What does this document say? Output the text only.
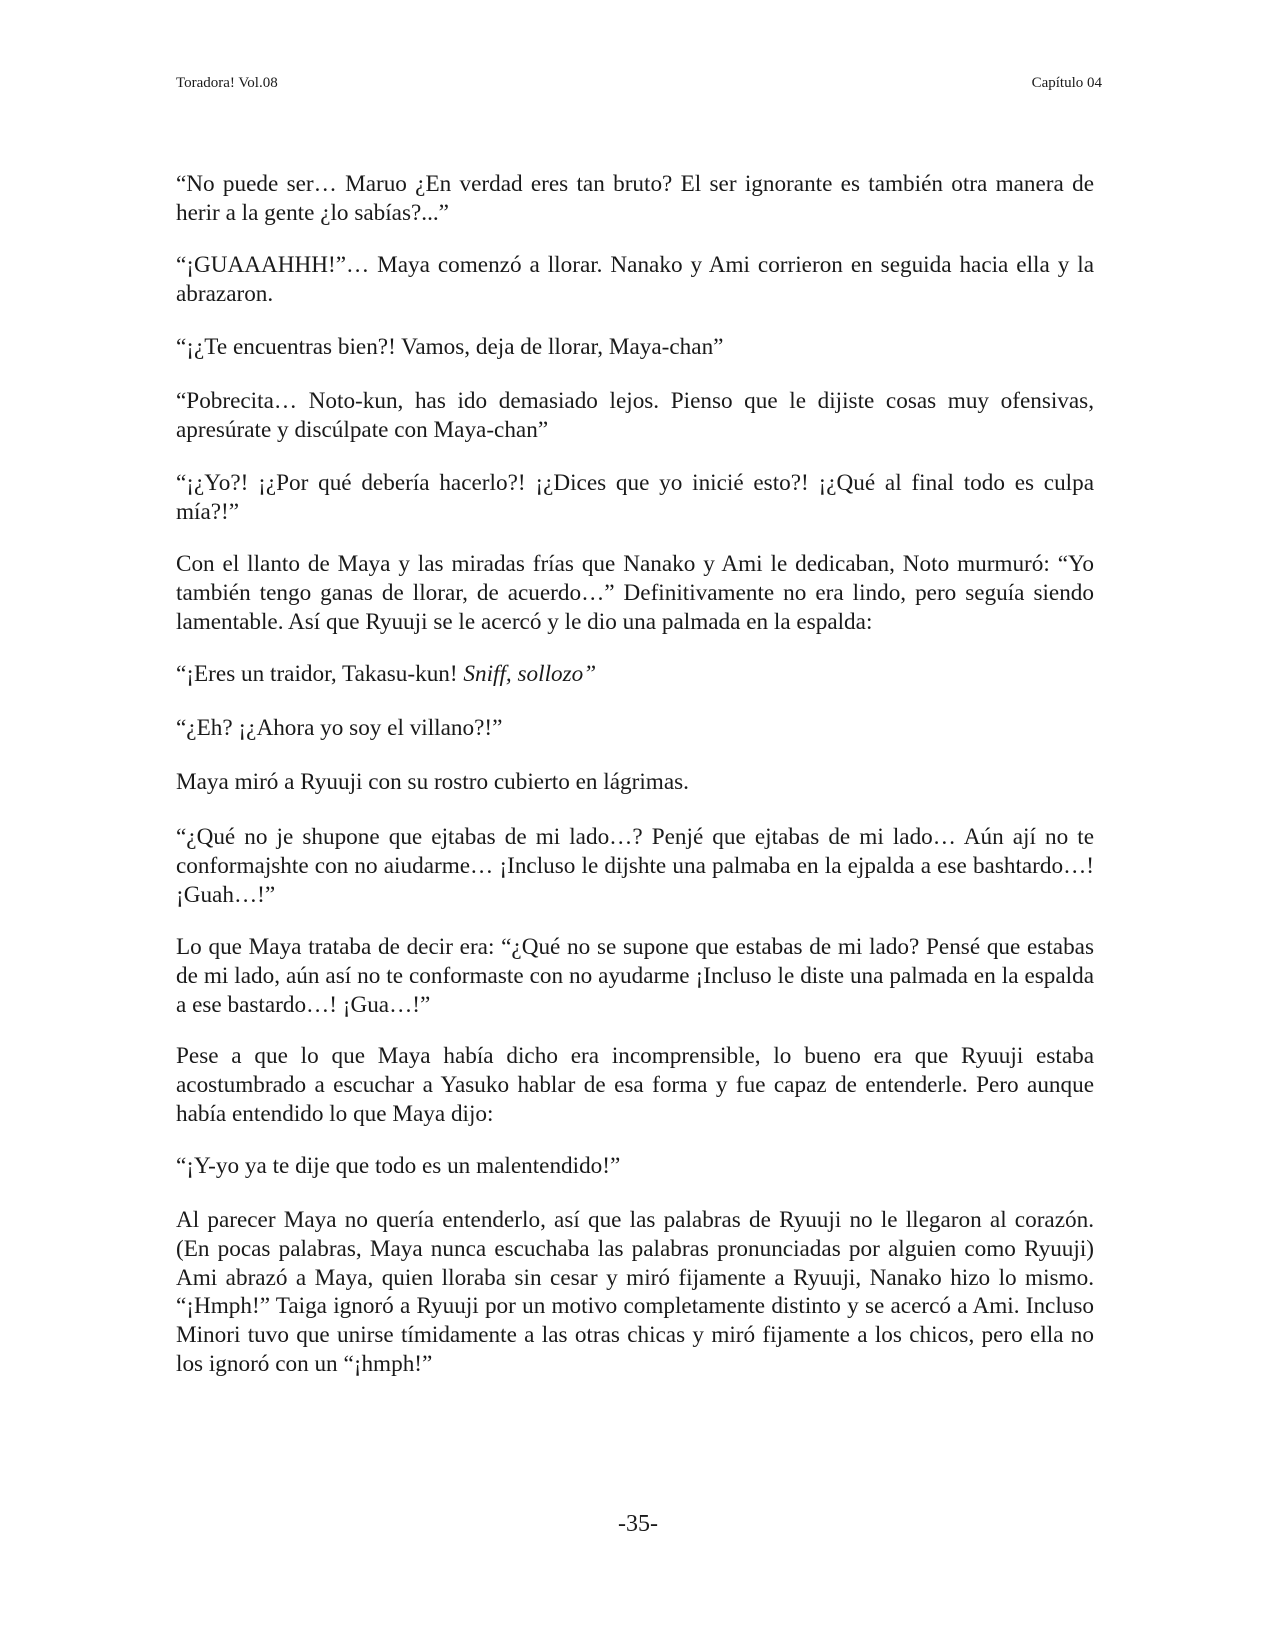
Toradora! Vol.08	Capítulo 04

“No puede ser… Maruo ¿En verdad eres tan bruto? El ser ignorante es también otra manera de herir a la gente ¿lo sabías?...”

“¡GUAAAHHH!”… Maya comenzó a llorar. Nanako y Ami corrieron en seguida hacia ella y la abrazaron.

“¡¿Te encuentras bien?! Vamos, deja de llorar, Maya-chan”

“Pobrecita… Noto-kun, has ido demasiado lejos. Pienso que le dijiste cosas muy ofensivas, apresúrate y discúlpate con Maya-chan”

“¡¿Yo?! ¡¿Por qué debería hacerlo?! ¡¿Dices que yo inicié esto?! ¡¿Qué al final todo es culpa mía?!”

Con el llanto de Maya y las miradas frías que Nanako y Ami le dedicaban, Noto murmuró: “Yo también tengo ganas de llorar, de acuerdo…” Definitivamente no era lindo, pero seguía siendo lamentable. Así que Ryuuji se le acercó y le dio una palmada en la espalda:

“¡Eres un traidor, Takasu-kun! Sniff, sollozo”

“¿Eh? ¡¿Ahora yo soy el villano?!”

Maya miró a Ryuuji con su rostro cubierto en lágrimas.

“¿Qué no je shupone que ejtabas de mi lado…? Penjé que ejtabas de mi lado… Aún ají no te conformajshte con no aiudarme… ¡Incluso le dijshte una palmaba en la ejpalda a ese bashtardo…! ¡Guah…!”

Lo que Maya trataba de decir era: “¿Qué no se supone que estabas de mi lado? Pensé que estabas de mi lado, aún así no te conformaste con no ayudarme ¡Incluso le diste una palmada en la espalda a ese bastardo…! ¡Gua…!”

Pese a que lo que Maya había dicho era incomprensible, lo bueno era que Ryuuji estaba acostumbrado a escuchar a Yasuko hablar de esa forma y fue capaz de entenderle. Pero aunque había entendido lo que Maya dijo:

“¡Y-yo ya te dije que todo es un malentendido!”

Al parecer Maya no quería entenderlo, así que las palabras de Ryuuji no le llegaron al corazón. (En pocas palabras, Maya nunca escuchaba las palabras pronunciadas por alguien como Ryuuji) Ami abrazó a Maya, quien lloraba sin cesar y miró fijamente a Ryuuji, Nanako hizo lo mismo. “¡Hmph!” Taiga ignoró a Ryuuji por un motivo completamente distinto y se acercó a Ami. Incluso Minori tuvo que unirse tímidamente a las otras chicas y miró fijamente a los chicos, pero ella no los ignoró con un “¡hmph!”

-35-
